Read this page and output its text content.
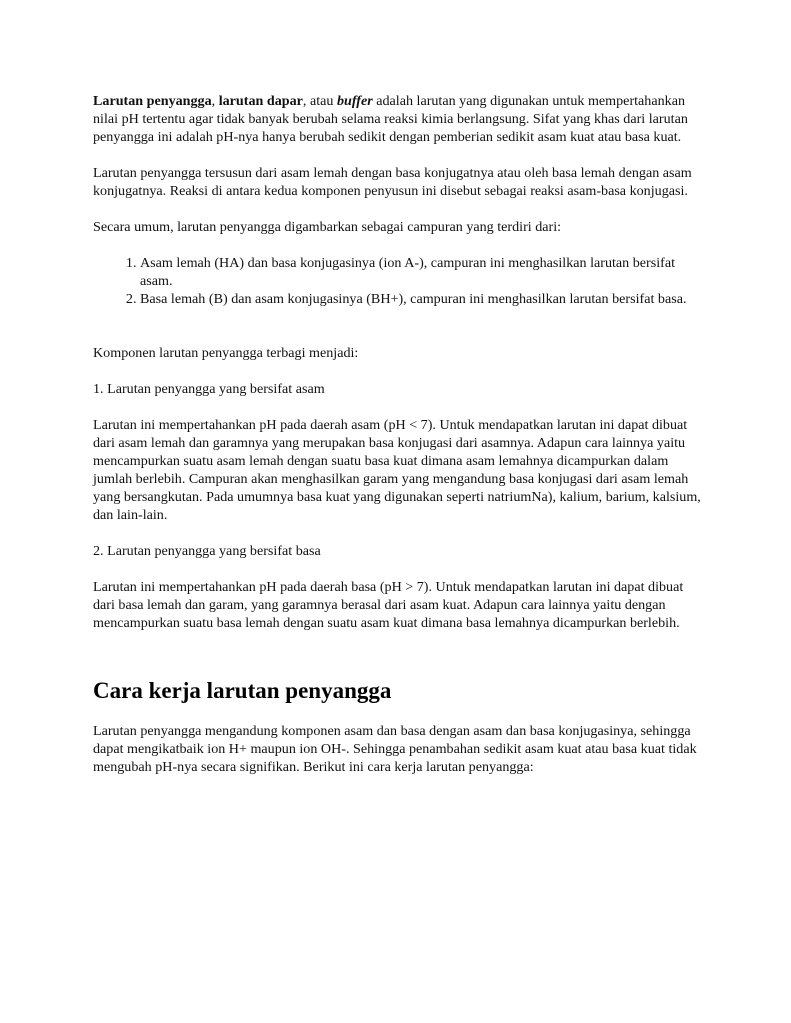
Larutan penyangga, larutan dapar, atau buffer adalah larutan yang digunakan untuk mempertahankan nilai pH tertentu agar tidak banyak berubah selama reaksi kimia berlangsung. Sifat yang khas dari larutan penyangga ini adalah pH-nya hanya berubah sedikit dengan pemberian sedikit asam kuat atau basa kuat.

Larutan penyangga tersusun dari asam lemah dengan basa konjugatnya atau oleh basa lemah dengan asam konjugatnya. Reaksi di antara kedua komponen penyusun ini disebut sebagai reaksi asam-basa konjugasi.

Secara umum, larutan penyangga digambarkan sebagai campuran yang terdiri dari:

1. Asam lemah (HA) dan basa konjugasinya (ion A-), campuran ini menghasilkan larutan bersifat asam.
2. Basa lemah (B) dan asam konjugasinya (BH+), campuran ini menghasilkan larutan bersifat basa.

Komponen larutan penyangga terbagi menjadi:

1. Larutan penyangga yang bersifat asam

Larutan ini mempertahankan pH pada daerah asam (pH < 7). Untuk mendapatkan larutan ini dapat dibuat dari asam lemah dan garamnya yang merupakan basa konjugasi dari asamnya. Adapun cara lainnya yaitu mencampurkan suatu asam lemah dengan suatu basa kuat dimana asam lemahnya dicampurkan dalam jumlah berlebih. Campuran akan menghasilkan garam yang mengandung basa konjugasi dari asam lemah yang bersangkutan. Pada umumnya basa kuat yang digunakan seperti natriumNa), kalium, barium, kalsium, dan lain-lain.

2. Larutan penyangga yang bersifat basa

Larutan ini mempertahankan pH pada daerah basa (pH > 7). Untuk mendapatkan larutan ini dapat dibuat dari basa lemah dan garam, yang garamnya berasal dari asam kuat. Adapun cara lainnya yaitu dengan mencampurkan suatu basa lemah dengan suatu asam kuat dimana basa lemahnya dicampurkan berlebih.

Cara kerja larutan penyangga

Larutan penyangga mengandung komponen asam dan basa dengan asam dan basa konjugasinya, sehingga dapat mengikatbaik ion H+ maupun ion OH-. Sehingga penambahan sedikit asam kuat atau basa kuat tidak mengubah pH-nya secara signifikan. Berikut ini cara kerja larutan penyangga:
